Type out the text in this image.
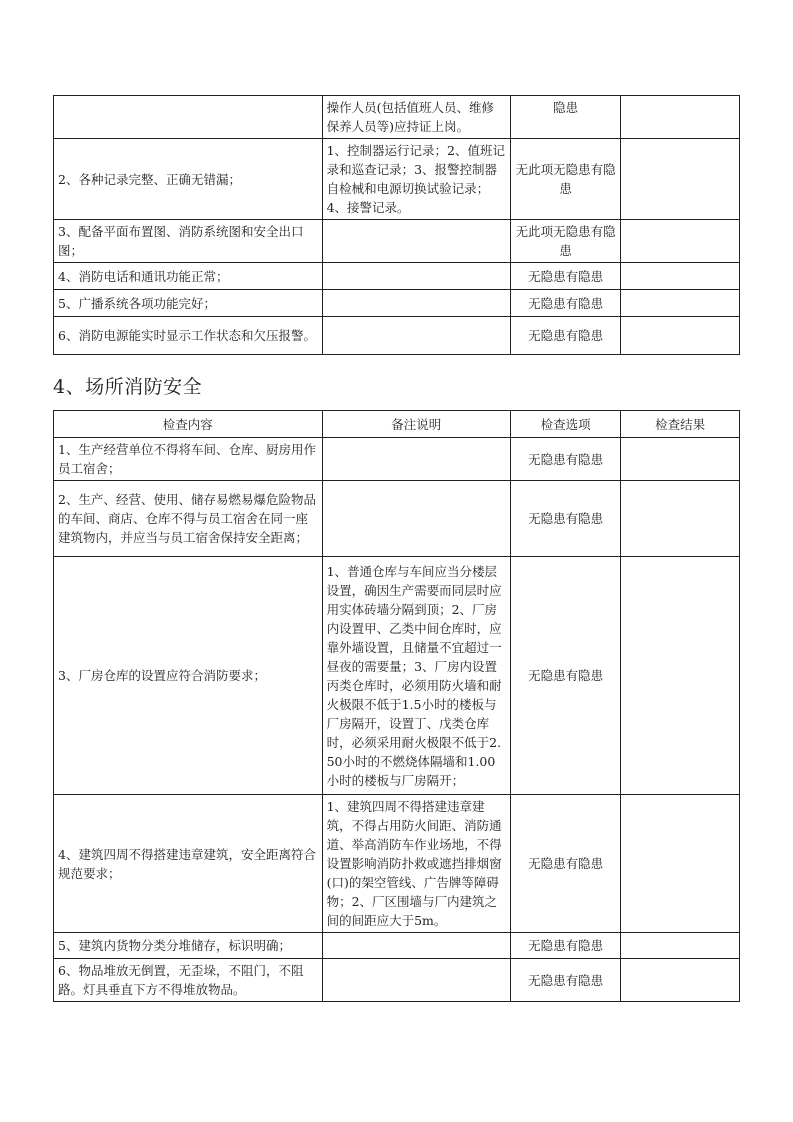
	操作人员(包括值班人员、维修保养人员等)应持证上岗。	隐患	
2、各种记录完整、正确无错漏；	1、控制器运行记录；2、值班记录和巡查记录；3、报警控制器自检械和电源切换试验记录；4、接警记录。	无此项无隐患有隐患	
3、配备平面布置图、消防系统图和安全出口图；		无此项无隐患有隐患	
4、消防电话和通讯功能正常；		无隐患有隐患	
5、广播系统各项功能完好；		无隐患有隐患	
6、消防电源能实时显示工作状态和欠压报警。		无隐患有隐患	
4、场所消防安全
检查内容	备注说明	检查选项	检查结果
1、生产经营单位不得将车间、仓库、厨房用作员工宿舍；		无隐患有隐患	
2、生产、经营、使用、储存易燃易爆危险物品的车间、商店、仓库不得与员工宿舍在同一座建筑物内，并应当与员工宿舍保持安全距离；		无隐患有隐患	
3、厂房仓库的设置应符合消防要求；	1、普通仓库与车间应当分楼层设置，确因生产需要而同层时应用实体砖墙分隔到顶；2、厂房内设置甲、乙类中间仓库时，应靠外墙设置，且储量不宜超过一昼夜的需要量；3、厂房内设置丙类仓库时，必须用防火墙和耐火极限不低于1.5小时的楼板与厂房隔开，设置丁、戊类仓库时，必须采用耐火极限不低于2.50小时的不燃烧体隔墙和1.00小时的楼板与厂房隔开；	无隐患有隐患	
4、建筑四周不得搭建违章建筑，安全距离符合规范要求；	1、建筑四周不得搭建违章建筑，不得占用防火间距、消防通道、举高消防车作业场地，不得设置影响消防扑救或遮挡排烟窗(口)的架空管线、广告牌等障碍物；2、厂区围墙与厂内建筑之间的间距应大于5m。	无隐患有隐患	
5、建筑内货物分类分堆储存，标识明确；		无隐患有隐患	
6、物品堆放无倒置，无歪垛，不阻门，不阻路。灯具垂直下方不得堆放物品。		无隐患有隐患	
